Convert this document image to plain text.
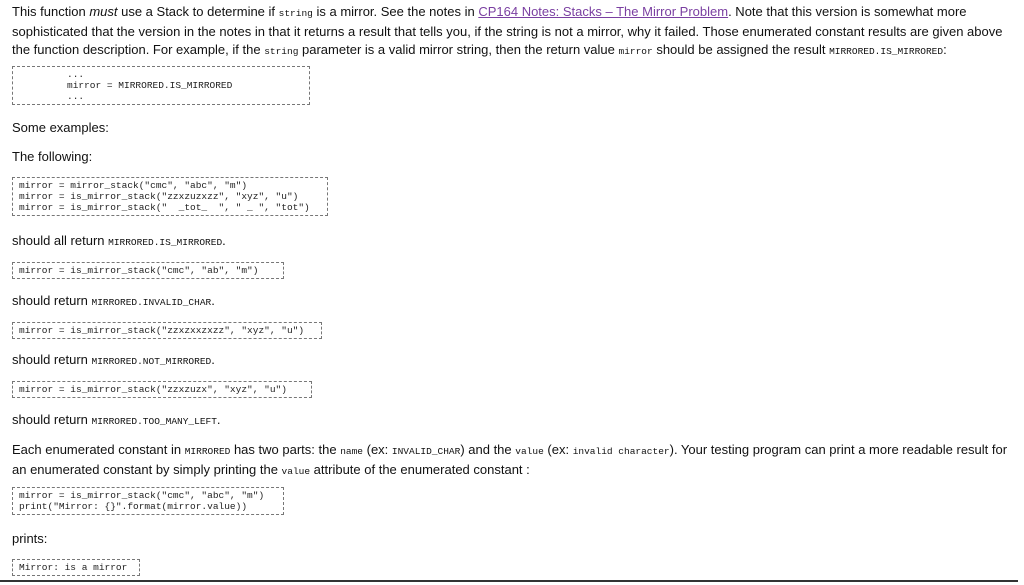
This function must use a Stack to determine if string is a mirror. See the notes in CP164 Notes: Stacks – The Mirror Problem. Note that this version is somewhat more sophisticated that the version in the notes in that it returns a result that tells you, if the string is not a mirror, why it failed. Those enumerated constant results are given above the function description. For example, if the string parameter is a valid mirror string, then the return value mirror should be assigned the result MIRRORED.IS_MIRRORED:
...
mirror = MIRRORED.IS_MIRRORED
...
Some examples:
The following:
mirror = mirror_stack("cmc", "abc", "m")
mirror = is_mirror_stack("zzxzuzxzz", "xyz", "u")
mirror = is_mirror_stack("  _tot_  ", " _ ", "tot")
should all return MIRRORED.IS_MIRRORED.
mirror = is_mirror_stack("cmc", "ab", "m")
should return MIRRORED.INVALID_CHAR.
mirror = is_mirror_stack("zzxzxxzxzz", "xyz", "u")
should return MIRRORED.NOT_MIRRORED.
mirror = is_mirror_stack("zzxzuzx", "xyz", "u")
should return MIRRORED.TOO_MANY_LEFT.
Each enumerated constant in MIRRORED has two parts: the name (ex: INVALID_CHAR) and the value (ex: invalid character). Your testing program can print a more readable result for an enumerated constant by simply printing the value attribute of the enumerated constant :
mirror = is_mirror_stack("cmc", "abc", "m")
print("Mirror: {}".format(mirror.value))
prints:
Mirror: is a mirror
